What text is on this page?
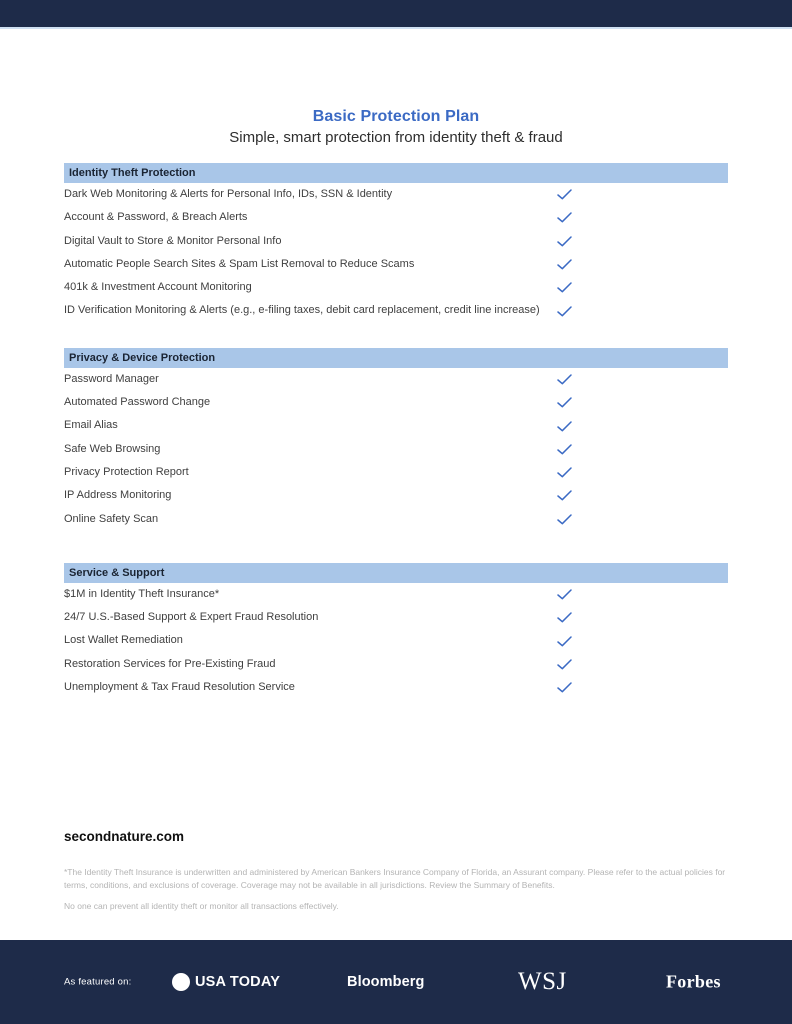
Basic Protection Plan
Simple, smart protection from identity theft & fraud
Identity Theft Protection
Dark Web Monitoring & Alerts for Personal Info, IDs, SSN & Identity
Account & Password, & Breach Alerts
Digital Vault to Store & Monitor Personal Info
Automatic People Search Sites & Spam List Removal to Reduce Scams
401k & Investment Account Monitoring
ID Verification Monitoring & Alerts (e.g., e-filing taxes, debit card replacement, credit line increase)
Privacy & Device Protection
Password Manager
Automated Password Change
Email Alias
Safe Web Browsing
Privacy Protection Report
IP Address Monitoring
Online Safety Scan
Service & Support
$1M in Identity Theft Insurance*
24/7 U.S.-Based Support & Expert Fraud Resolution
Lost Wallet Remediation
Restoration Services for Pre-Existing Fraud
Unemployment & Tax Fraud Resolution Service
secondnature.com
*The Identity Theft Insurance is underwritten and administered by American Bankers Insurance Company of Florida, an Assurant company. Please refer to the actual policies for terms, conditions, and exclusions of coverage. Coverage may not be available in all jurisdictions. Review the Summary of Benefits.
No one can prevent all identity theft or monitor all transactions effectively.
As featured on:	USA TODAY	Bloomberg	WSJ	Forbes
